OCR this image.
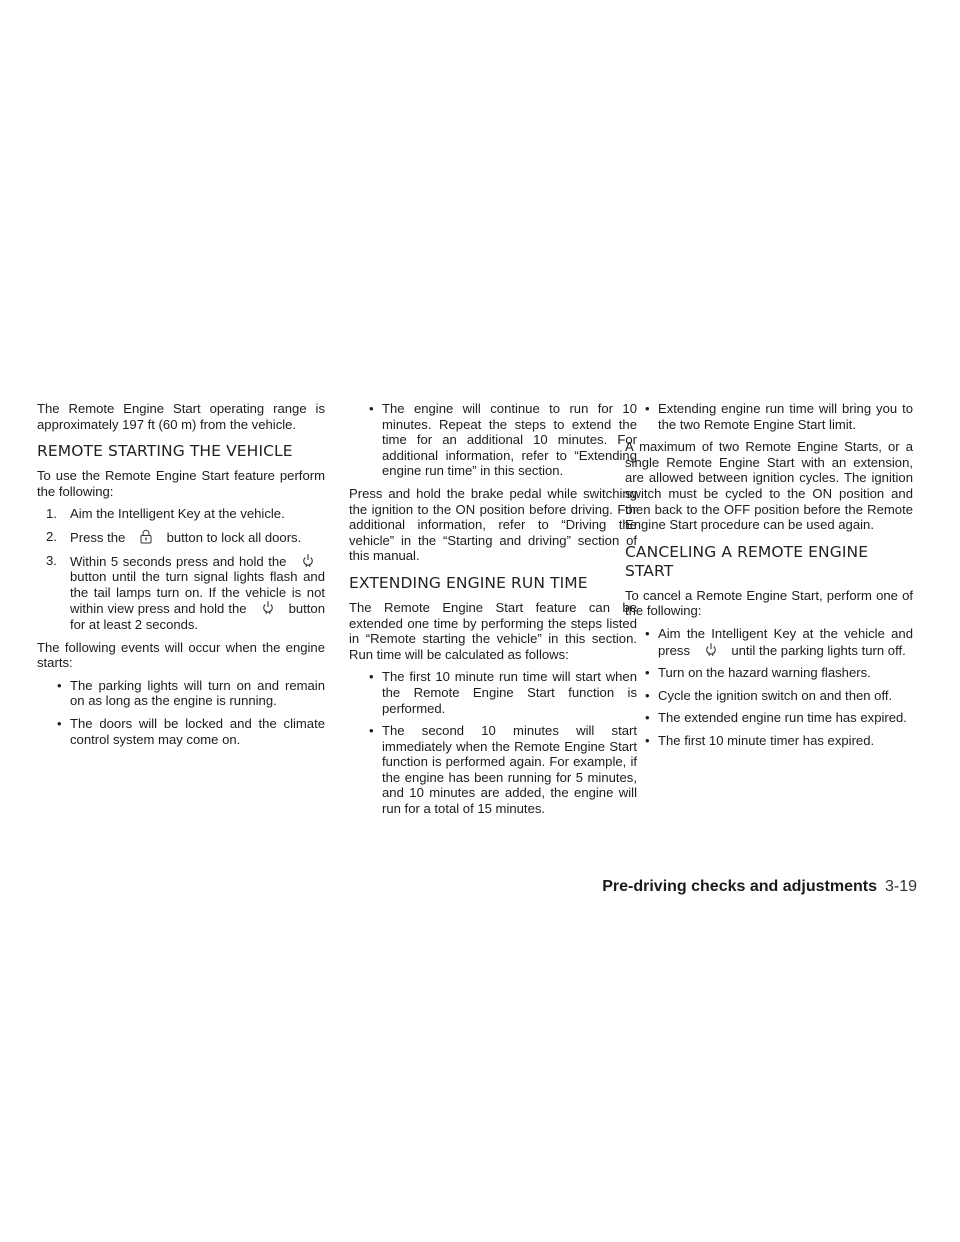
The Remote Engine Start operating range is approximately 197 ft (60 m) from the vehicle.

REMOTE STARTING THE VEHICLE

To use the Remote Engine Start feature perform the following:

1. Aim the Intelligent Key at the vehicle.
2. Press the	button to lock all doors.
3. Within 5 seconds press and hold the  button until the turn signal lights flash and the tail lamps turn on. If the vehicle is not within view press and hold the	button for at least 2 seconds.

The following events will occur when the engine starts:

• The parking lights will turn on and remain on as long as the engine is running.
• The doors will be locked and the climate control system may come on.
• The engine will continue to run for 10 minutes. Repeat the steps to extend the time for an additional 10 minutes. For additional information, refer to “Extending engine run time” in this section.

Press and hold the brake pedal while switching the ignition to the ON position before driving. For additional information, refer to “Driving the vehicle” in the “Starting and driving” section of this manual.

EXTENDING ENGINE RUN TIME

The Remote Engine Start feature can be extended one time by performing the steps listed in “Remote starting the vehicle” in this section. Run time will be calculated as follows:

• The first 10 minute run time will start when the Remote Engine Start function is performed.
• The second 10 minutes will start immediately when the Remote Engine Start function is performed again. For example, if the engine has been running for 5 minutes, and 10 minutes are added, the engine will run for a total of 15 minutes.
• Extending engine run time will bring you to the two Remote Engine Start limit.

A maximum of two Remote Engine Starts, or a single Remote Engine Start with an extension, are allowed between ignition cycles. The ignition switch must be cycled to the ON position and then back to the OFF position before the Remote Engine Start procedure can be used again.

CANCELING A REMOTE ENGINE START

To cancel a Remote Engine Start, perform one of the following:

• Aim the Intelligent Key at the vehicle and press	until the parking lights turn off.
• Turn on the hazard warning flashers.
• Cycle the ignition switch on and then off.
• The extended engine run time has expired.
• The first 10 minute timer has expired.
Pre-driving checks and adjustments 3-19
